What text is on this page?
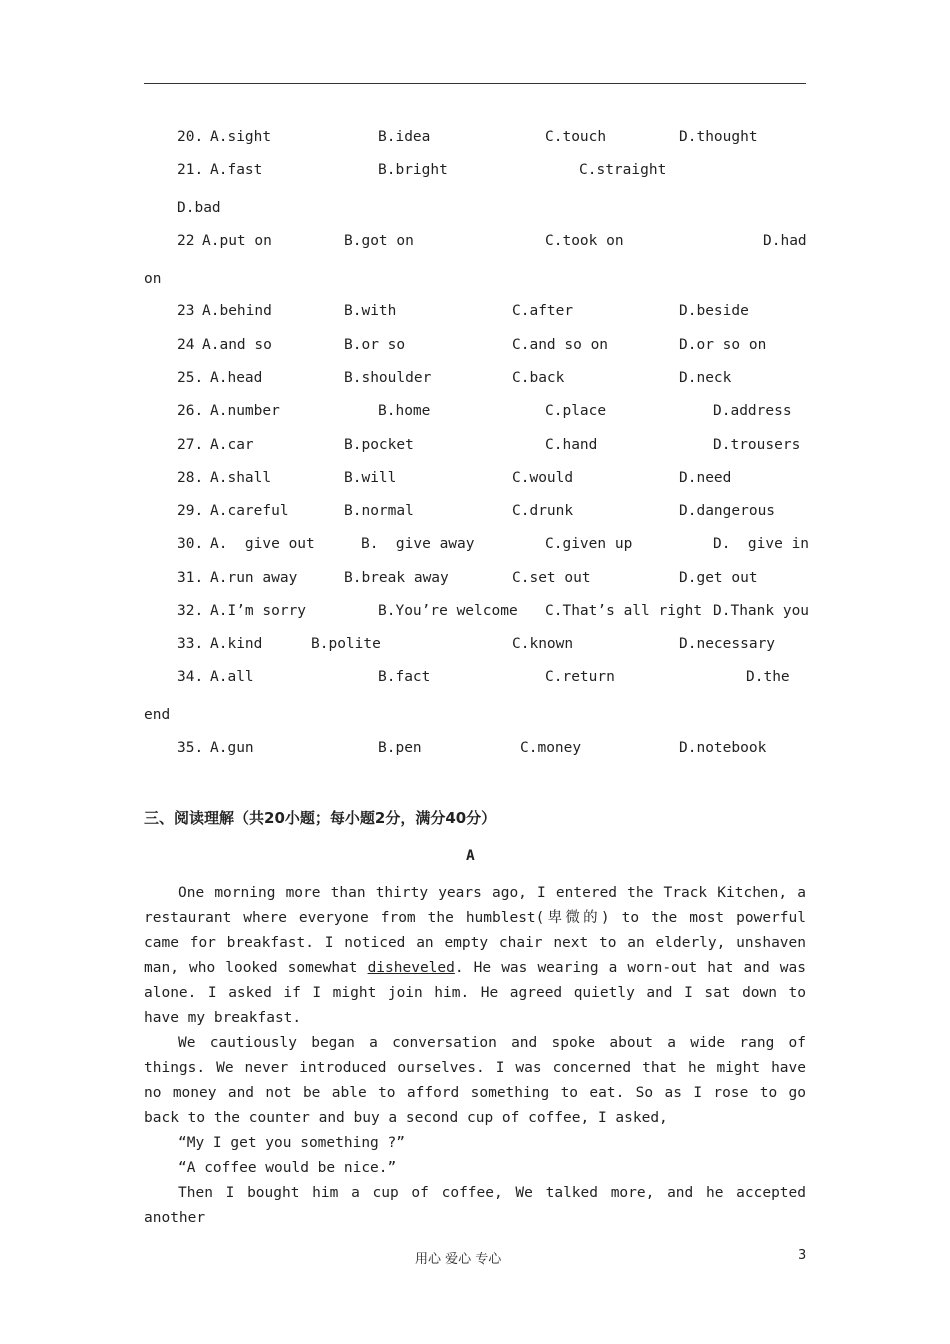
20. A.sight	B.idea	C.touch	D.thought
21. A.fast	B.bright	C.straight
D.bad
22 A.put on	B.got on	C.took on	D.had
on
23 A.behind	B.with	C.after	D.beside
24 A.and so	B.or so	C.and so on	D.or so on
25. A.head	B.shoulder	C.back	D.neck
26. A.number	B.home	C.place	D.address
27. A.car	B.pocket	C.hand	D.trousers
28. A.shall	B.will	C.would	D.need
29. A.careful	B.normal	C.drunk	D.dangerous
30. A.  give out	B.  give away	C.given up	D.  give in
31. A.run away	B.break away	C.set out	D.get out
32. A.I’m sorry	B.You’re welcome C.That’s all right D.Thank you
33. A.kind	B.polite	C.known	D.necessary
34. A.all	B.fact	C.return	D.the
end
35. A.gun	B.pen	C.money	D.notebook
三、阅读理解（共20小题；每小题2分，满分40分）
A

One morning more than thirty years ago, I entered the Track Kitchen, a restaurant where everyone from the humblest(卑微的) to the most powerful came for breakfast. I noticed an empty chair next to an elderly, unshaven man, who looked somewhat disheveled. He was wearing a worn-out hat and was alone. I asked if I might join him. He agreed quietly and I sat down to have my breakfast.

We cautiously began a conversation and spoke about a wide rang of things. We never introduced ourselves. I was concerned that he might have no money and not be able to afford something to eat. So as I rose to go back to the counter and buy a second cup of coffee, I asked,

“My I get you something ?”

“A coffee would be nice.”

Then I bought him a cup of coffee, We talked more, and he accepted another

用心 爱心 专心	3
